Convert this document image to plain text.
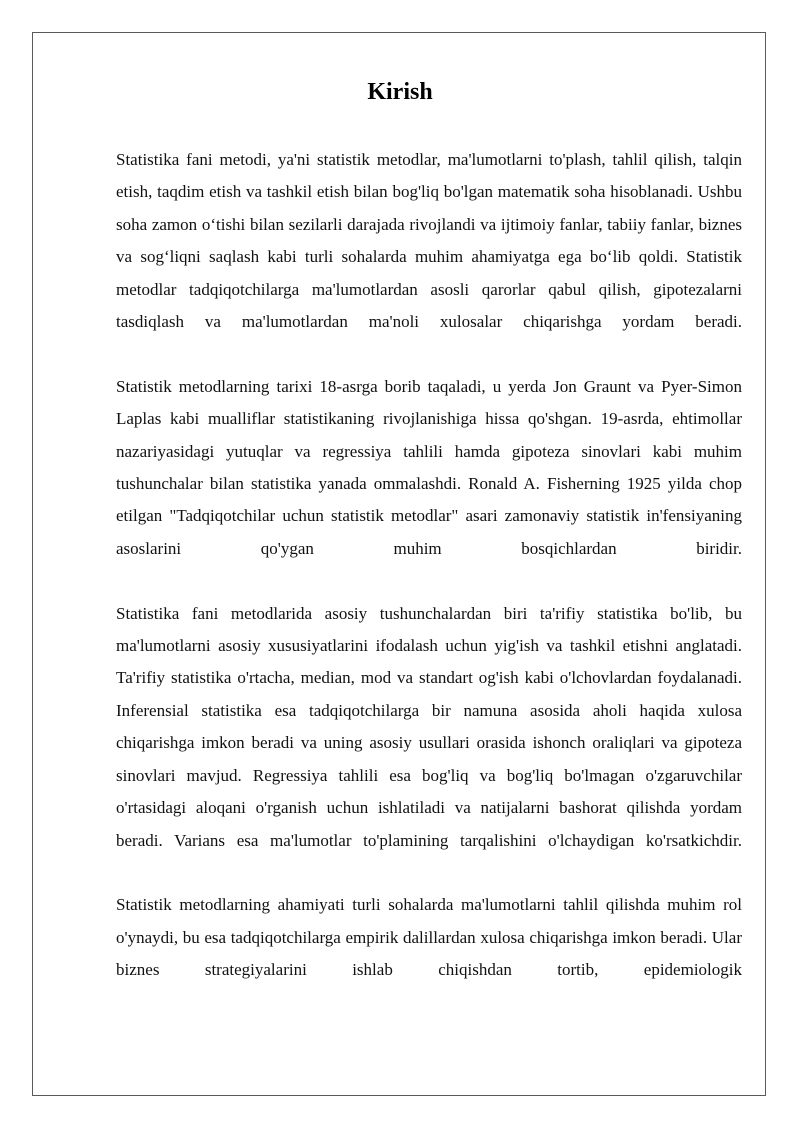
Kirish

Statistika fani metodi, ya'ni statistik metodlar, ma'lumotlarni to'plash, tahlil qilish, talqin etish, taqdim etish va tashkil etish bilan bog'liq bo'lgan matematik soha hisoblanadi. Ushbu soha zamon oʻtishi bilan sezilarli darajada rivojlandi va ijtimoiy fanlar, tabiiy fanlar, biznes va sogʻliqni saqlash kabi turli sohalarda muhim ahamiyatga ega boʻlib qoldi. Statistik metodlar tadqiqotchilarga ma'lumotlardan asosli qarorlar qabul qilish, gipotezalarni tasdiqlash va ma'lumotlardan ma'noli xulosalar chiqarishga yordam beradi.

Statistik metodlarning tarixi 18-asrga borib taqaladi, u yerda Jon Graunt va Pyer-Simon Laplas kabi mualliflar statistikaning rivojlanishiga hissa qo'shgan. 19-asrda, ehtimollar nazariyasidagi yutuqlar va regressiya tahlili hamda gipoteza sinovlari kabi muhim tushunchalar bilan statistika yanada ommalashdi. Ronald A. Fisherning 1925 yilda chop etilgan "Tadqiqotchilar uchun statistik metodlar" asari zamonaviy statistik in'fensiyaning asoslarini qo'ygan muhim bosqichlardan biridir.

Statistika fani metodlarida asosiy tushunchalardan biri ta'rifiy statistika bo'lib, bu ma'lumotlarni asosiy xususiyatlarini ifodalash uchun yig'ish va tashkil etishni anglatadi. Ta'rifiy statistika o'rtacha, median, mod va standart og'ish kabi o'lchovlardan foydalanadi. Inferensial statistika esa tadqiqotchilarga bir namuna asosida aholi haqida xulosa chiqarishga imkon beradi va uning asosiy usullari orasida ishonch oraliqlari va gipoteza sinovlari mavjud. Regressiya tahlili esa bog'liq va bog'liq bo'lmagan o'zgaruvchilar o'rtasidagi aloqani o'rganish uchun ishlatiladi va natijalarni bashorat qilishda yordam beradi. Varians esa ma'lumotlar to'plamining tarqalishini o'lchaydigan ko'rsatkichdir.

Statistik metodlarning ahamiyati turli sohalarda ma'lumotlarni tahlil qilishda muhim rol o'ynaydi, bu esa tadqiqotchilarga empirik dalillardan xulosa chiqarishga imkon beradi. Ular biznes strategiyalarini ishlab chiqishdan tortib, epidemiologik
